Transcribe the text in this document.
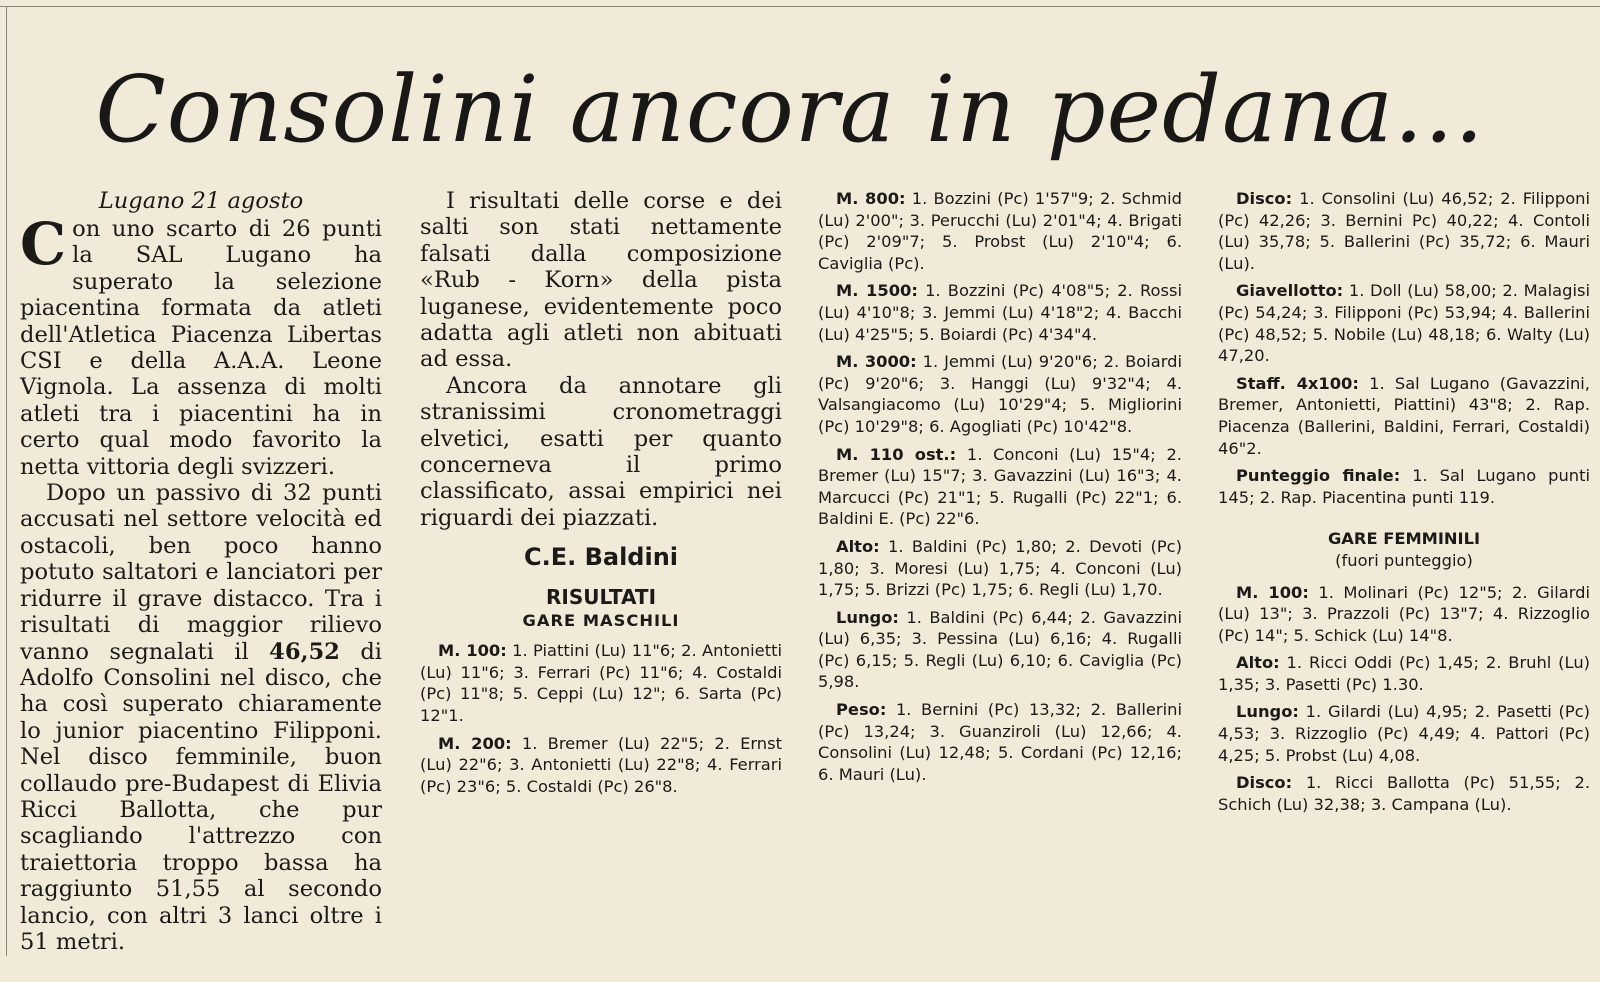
Consolini ancora in pedana...
Lugano 21 agosto

Con uno scarto di 26 punti la SAL Lugano ha superato la selezione piacentina formata da atleti dell'Atletica Piacenza Libertas CSI e della A.A.A. Leone Vignola. La assenza di molti atleti tra i piacentini ha in certo qual modo favorito la netta vittoria degli svizzeri.

Dopo un passivo di 32 punti accusati nel settore velocità ed ostacoli, ben poco hanno potuto saltatori e lanciatori per ridurre il grave distacco. Tra i risultati di maggior rilievo vanno segnalati il 46,52 di Adolfo Consolini nel disco, che ha così superato chiaramente lo junior piacentino Filipponi. Nel disco femminile, buon collaudo pre-Budapest di Elivia Ricci Ballotta, che pur scagliando l'attrezzo con traiettoria troppo bassa ha raggiunto 51,55 al secondo lancio, con altri 3 lanci oltre i 51 metri.

I risultati delle corse e dei salti son stati nettamente falsati dalla composizione «Rub - Korn» della pista luganese, evidentemente poco adatta agli atleti non abituati ad essa.

Ancora da annotare gli stranissimi cronometraggi elvetici, esatti per quanto concerneva il primo classificato, assai empirici nei riguardi dei piazzati.

C.E. Baldini
RISULTATI
GARE MASCHILI
M. 100: 1. Piattini (Lu) 11"6; 2. Antonietti (Lu) 11"6; 3. Ferrari (Pc) 11"6; 4. Costaldi (Pc) 11"8; 5. Ceppi (Lu) 12"; 6. Sarta (Pc) 12"1.
M. 200: 1. Bremer (Lu) 22"5; 2. Ernst (Lu) 22"6; 3. Antonietti (Lu) 22"8; 4. Ferrari (Pc) 23"6; 5. Costaldi (Pc) 26"8.
M. 800: 1. Bozzini (Pc) 1'57"9; 2. Schmid (Lu) 2'00"; 3. Perucchi (Lu) 2'01"4; 4. Brigati (Pc) 2'09"7; 5. Probst (Lu) 2'10"4; 6. Caviglia (Pc).
M. 1500: 1. Bozzini (Pc) 4'08"5; 2. Rossi (Lu) 4'10"8; 3. Jemmi (Lu) 4'18"2; 4. Bacchi (Lu) 4'25"5; 5. Boiardi (Pc) 4'34"4.
M. 3000: 1. Jemmi (Lu) 9'20"6; 2. Boiardi (Pc) 9'20"6; 3. Hanggi (Lu) 9'32"4; 4. Valsangiacomo (Lu) 10'29"4; 5. Migliorini (Pc) 10'29"8; 6. Agogliati (Pc) 10'42"8.
M. 110 ost.: 1. Conconi (Lu) 15"4; 2. Bremer (Lu) 15"7; 3. Gavazzini (Lu) 16"3; 4. Marcucci (Pc) 21"1; 5. Rugalli (Pc) 22"1; 6. Baldini E. (Pc) 22"6.
Alto: 1. Baldini (Pc) 1,80; 2. Devoti (Pc) 1,80; 3. Moresi (Lu) 1,75; 4. Conconi (Lu) 1,75; 5. Brizzi (Pc) 1,75; 6. Regli (Lu) 1,70.
Lungo: 1. Baldini (Pc) 6,44; 2. Gavazzini (Lu) 6,35; 3. Pessina (Lu) 6,16; 4. Rugalli (Pc) 6,15; 5. Regli (Lu) 6,10; 6. Caviglia (Pc) 5,98.
Peso: 1. Bernini (Pc) 13,32; 2. Ballerini (Pc) 13,24; 3. Guanziroli (Lu) 12,66; 4. Consolini (Lu) 12,48; 5. Cordani (Pc) 12,16; 6. Mauri (Lu).
Disco: 1. Consolini (Lu) 46,52; 2. Filipponi (Pc) 42,26; 3. Bernini Pc) 40,22; 4. Contoli (Lu) 35,78; 5. Ballerini (Pc) 35,72; 6. Mauri (Lu).
Giavellotto: 1. Doll (Lu) 58,00; 2. Malagisi (Pc) 54,24; 3. Filipponi (Pc) 53,94; 4. Ballerini (Pc) 48,52; 5. Nobile (Lu) 48,18; 6. Walty (Lu) 47,20.
Staff. 4x100: 1. Sal Lugano (Gavazzini, Bremer, Antonietti, Piattini) 43"8; 2. Rap. Piacenza (Ballerini, Baldini, Ferrari, Costaldi) 46"2.
Punteggio finale: 1. Sal Lugano punti 145; 2. Rap. Piacentina punti 119.
GARE FEMMINILI
(fuori punteggio)
M. 100: 1. Molinari (Pc) 12"5; 2. Gilardi (Lu) 13"; 3. Prazzoli (Pc) 13"7; 4. Rizzoglio (Pc) 14"; 5. Schick (Lu) 14"8.
Alto: 1. Ricci Oddi (Pc) 1,45; 2. Bruhl (Lu) 1,35; 3. Pasetti (Pc) 1.30.
Lungo: 1. Gilardi (Lu) 4,95; 2. Pasetti (Pc) 4,53; 3. Rizzoglio (Pc) 4,49; 4. Pattori (Pc) 4,25; 5. Probst (Lu) 4,08.
Disco: 1. Ricci Ballotta (Pc) 51,55; 2. Schich (Lu) 32,38; 3. Campana (Lu).
